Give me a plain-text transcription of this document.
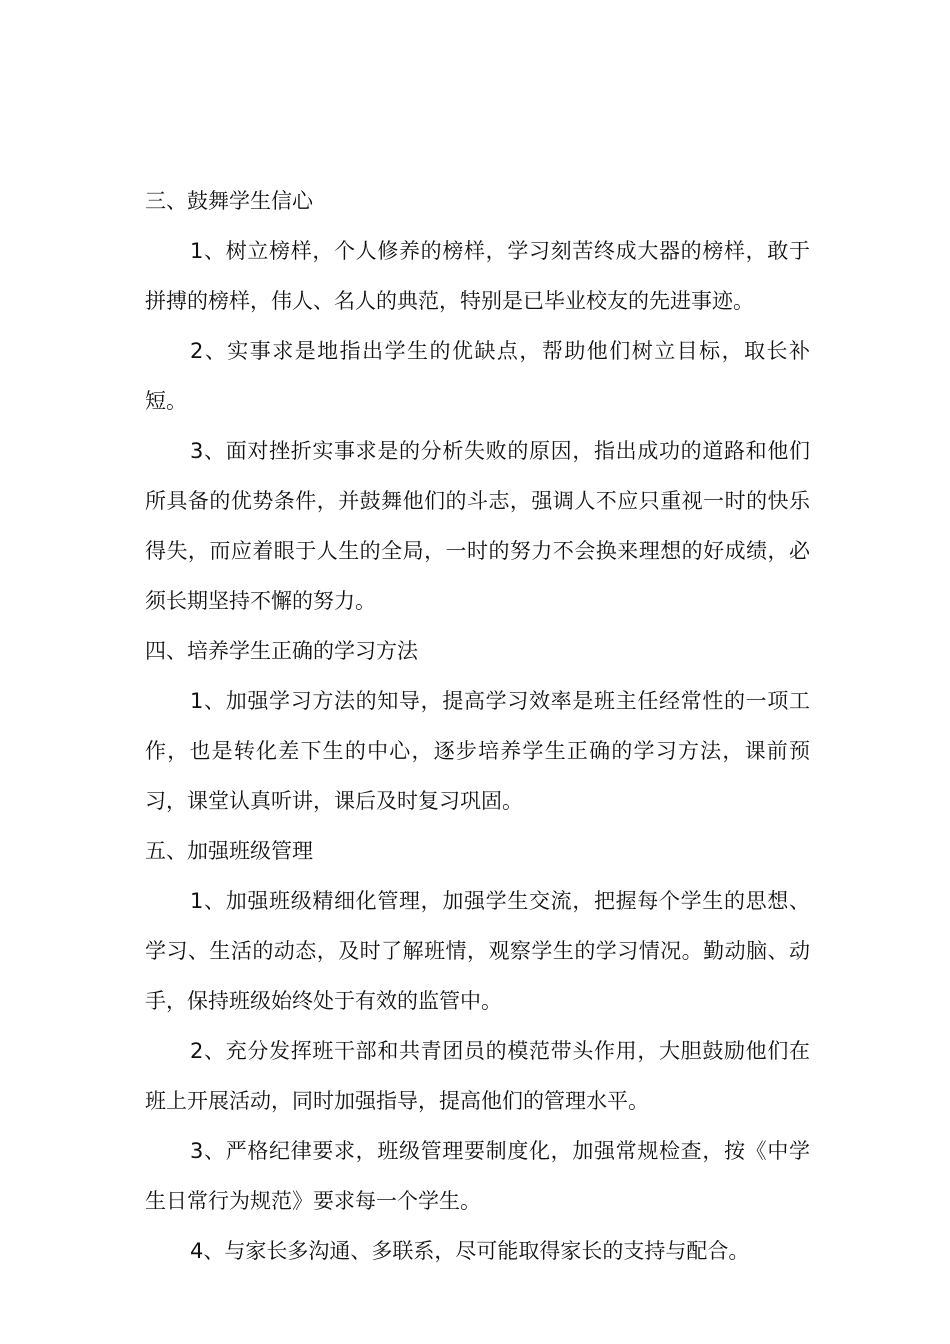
三、鼓舞学生信心

1、树立榜样，个人修养的榜样，学习刻苦终成大器的榜样，敢于拼搏的榜样，伟人、名人的典范，特别是已毕业校友的先进事迹。

2、实事求是地指出学生的优缺点，帮助他们树立目标，取长补短。

3、面对挫折实事求是的分析失败的原因，指出成功的道路和他们所具备的优势条件，并鼓舞他们的斗志，强调人不应只重视一时的快乐得失，而应着眼于人生的全局，一时的努力不会换来理想的好成绩，必须长期坚持不懈的努力。

四、培养学生正确的学习方法

1、加强学习方法的知导，提高学习效率是班主任经常性的一项工作，也是转化差下生的中心，逐步培养学生正确的学习方法，课前预习，课堂认真听讲，课后及时复习巩固。

五、加强班级管理

1、加强班级精细化管理，加强学生交流，把握每个学生的思想、学习、生活的动态，及时了解班情，观察学生的学习情况。勤动脑、动手，保持班级始终处于有效的监管中。

2、充分发挥班干部和共青团员的模范带头作用，大胆鼓励他们在班上开展活动，同时加强指导，提高他们的管理水平。

3、严格纪律要求，班级管理要制度化，加强常规检查，按《中学生日常行为规范》要求每一个学生。

4、与家长多沟通、多联系，尽可能取得家长的支持与配合。
